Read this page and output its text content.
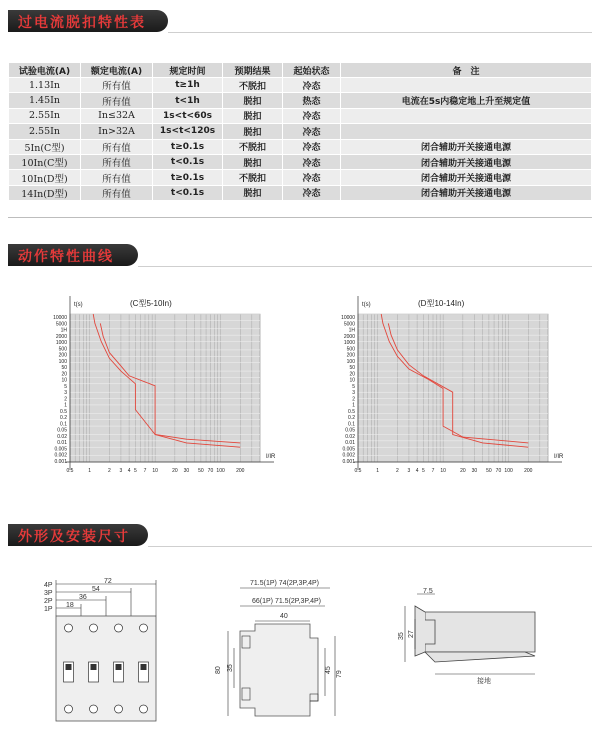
过电流脱扣特性表
试验电流(A)	额定电流(A)	规定时间	预期结果	起始状态	备　注
1.13In	所有值	t≥1h	不脱扣	冷态	
1.45In	所有值	t<1h	脱扣	热态	电流在5s内稳定地上升至规定值
2.55In	In≤32A	1s<t<60s	脱扣	冷态	
2.55In	In>32A	1s<t<120s	脱扣	冷态	
5In(C型)	所有值	t≥0.1s	不脱扣	冷态	闭合辅助开关接通电源
10In(C型)	所有值	t<0.1s	脱扣	冷态	闭合辅助开关接通电源
10In(D型)	所有值	t≥0.1s	不脱扣	冷态	闭合辅助开关接通电源
14In(D型)	所有值	t<0.1s	脱扣	冷态	闭合辅助开关接通电源
动作特性曲线
(C型5-10In)
t(s)
I/IR
10000
5000
1H
2000
1000
500
200
100
50
20
10
5
3
2
1
0.5
0.2
0.1
0.05
0.02
0.01
0.005
0.002
0.001
0.5	1	2 3 4 5 7 10	20 30 50 70 100 200
(D型10-14In)
t(s)
I/IR
10000
5000
1H
2000
1000
500
200
100
50
20
10
5
3
2
1
0.5
0.2
0.1
0.05
0.02
0.01
0.005
0.002
0.001
0.5	1	2 3 4 5 7 10	20 30 50 70 100 200
外形及安装尺寸
4P
3P
2P
1P
72
54
36
18
71.5(1P) 74(2P,3P,4P)
66(1P) 71.5(2P,3P,4P)
40
80 35	45
79
7.5
35 27
接地
